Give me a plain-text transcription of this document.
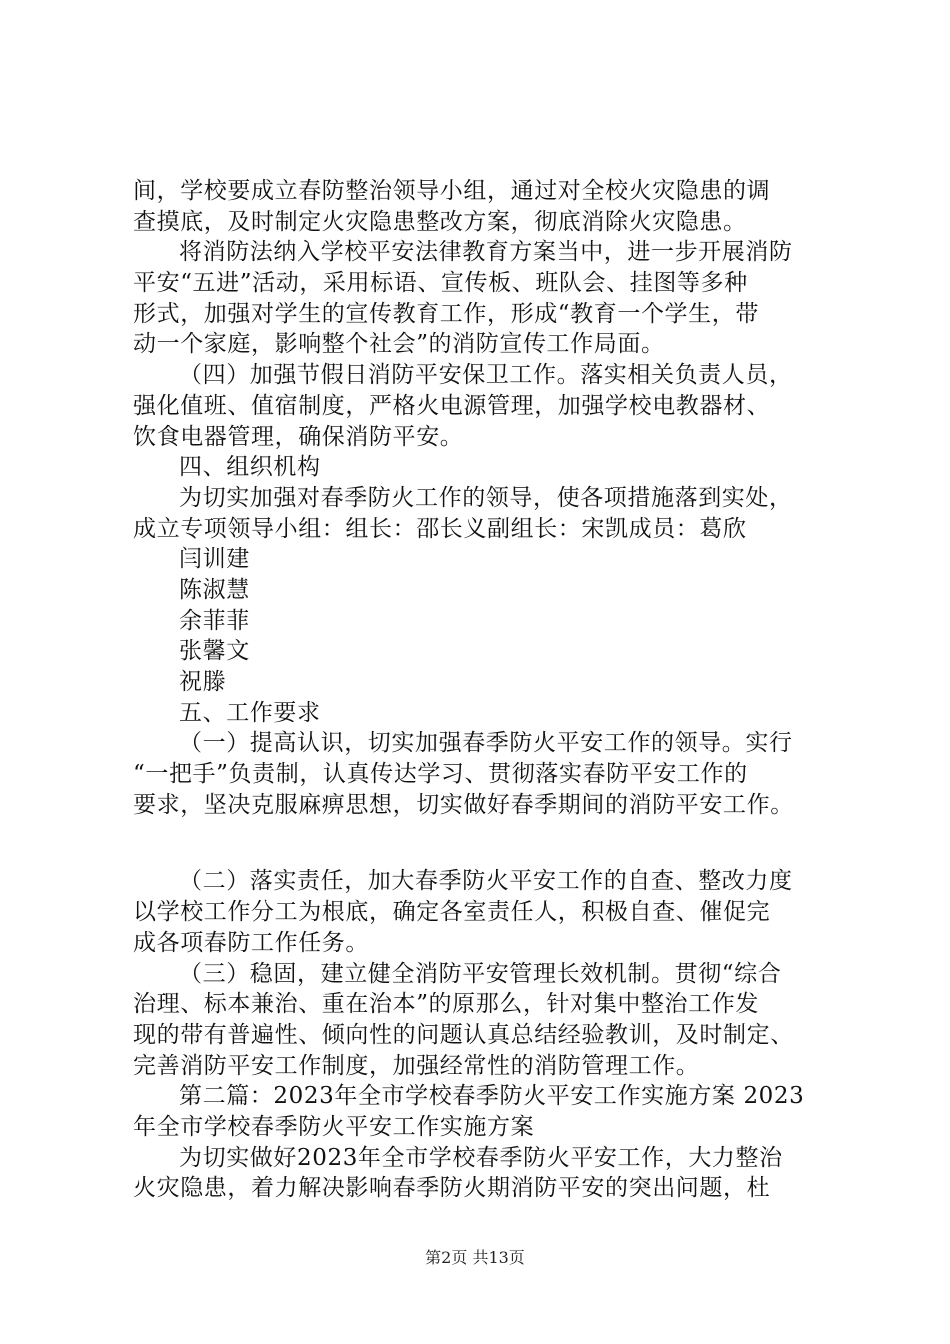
间，学校要成立春防整治领导小组，通过对全校火灾隐患的调
查摸底，及时制定火灾隐患整改方案，彻底消除火灾隐患。
将消防法纳入学校平安法律教育方案当中，进一步开展消防
平安“五进”活动，采用标语、宣传板、班队会、挂图等多种
形式，加强对学生的宣传教育工作，形成“教育一个学生，带
动一个家庭，影响整个社会”的消防宣传工作局面。
（四）加强节假日消防平安保卫工作。落实相关负责人员，
强化值班、值宿制度，严格火电源管理，加强学校电教器材、
饮食电器管理，确保消防平安。
四、组织机构
为切实加强对春季防火工作的领导，使各项措施落到实处，
成立专项领导小组：组长：邵长义副组长：宋凯成员：葛欣
闫训建
陈淑慧
余菲菲
张馨文
祝滕
五、工作要求
（一）提高认识，切实加强春季防火平安工作的领导。实行
“一把手”负责制，认真传达学习、贯彻落实春防平安工作的
要求，坚决克服麻痹思想，切实做好春季期间的消防平安工作。
（二）落实责任，加大春季防火平安工作的自查、整改力度
以学校工作分工为根底，确定各室责任人，积极自查、催促完
成各项春防工作任务。
（三）稳固，建立健全消防平安管理长效机制。贯彻“综合
治理、标本兼治、重在治本”的原那么，针对集中整治工作发
现的带有普遍性、倾向性的问题认真总结经验教训，及时制定、
完善消防平安工作制度，加强经常性的消防管理工作。
第二篇：2023年全市学校春季防火平安工作实施方案 2023
年全市学校春季防火平安工作实施方案
为切实做好2023年全市学校春季防火平安工作，大力整治
火灾隐患，着力解决影响春季防火期消防平安的突出问题，杜
第2页 共13页
